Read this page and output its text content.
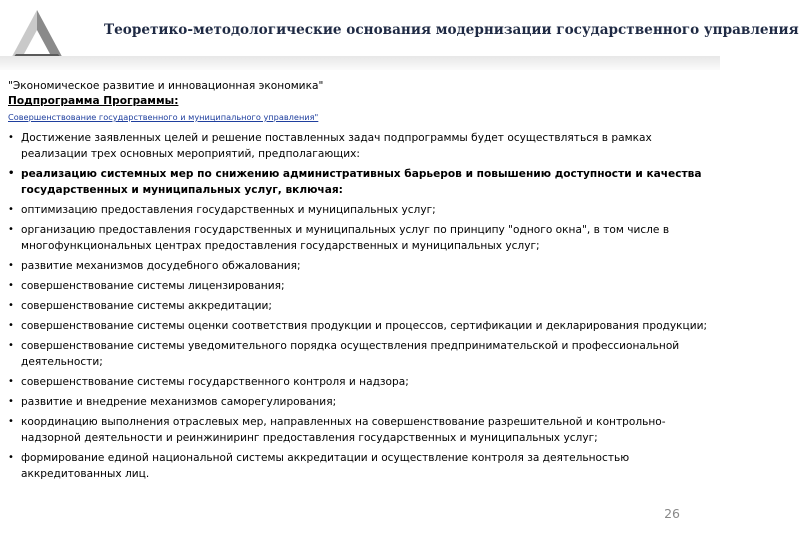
Теоретико-методологические основания модернизации государственного управления
"Экономическое развитие и инновационная экономика"
Подпрограмма Программы:
Совершенствование государственного и муниципального управления"
• Достижение заявленных целей и решение поставленных задач подпрограммы будет осуществляться в рамках реализации трех основных мероприятий, предполагающих:
• реализацию системных мер по снижению административных барьеров и повышению доступности и качества государственных и муниципальных услуг, включая:
• оптимизацию предоставления государственных и муниципальных услуг;
• организацию предоставления государственных и муниципальных услуг по принципу "одного окна", в том числе в многофункциональных центрах предоставления государственных и муниципальных услуг;
• развитие механизмов досудебного обжалования;
• совершенствование системы лицензирования;
• совершенствование системы аккредитации;
• совершенствование системы оценки соответствия продукции и процессов, сертификации и декларирования продукции;
• совершенствование системы уведомительного порядка осуществления предпринимательской и профессиональной деятельности;
• совершенствование системы государственного контроля и надзора;
• развитие и внедрение механизмов саморегулирования;
• координацию выполнения отраслевых мер, направленных на совершенствование разрешительной и контрольно-надзорной деятельности и реинжиниринг предоставления государственных и муниципальных услуг;
• формирование единой национальной системы аккредитации и осуществление контроля за деятельностью аккредитованных лиц.
26
